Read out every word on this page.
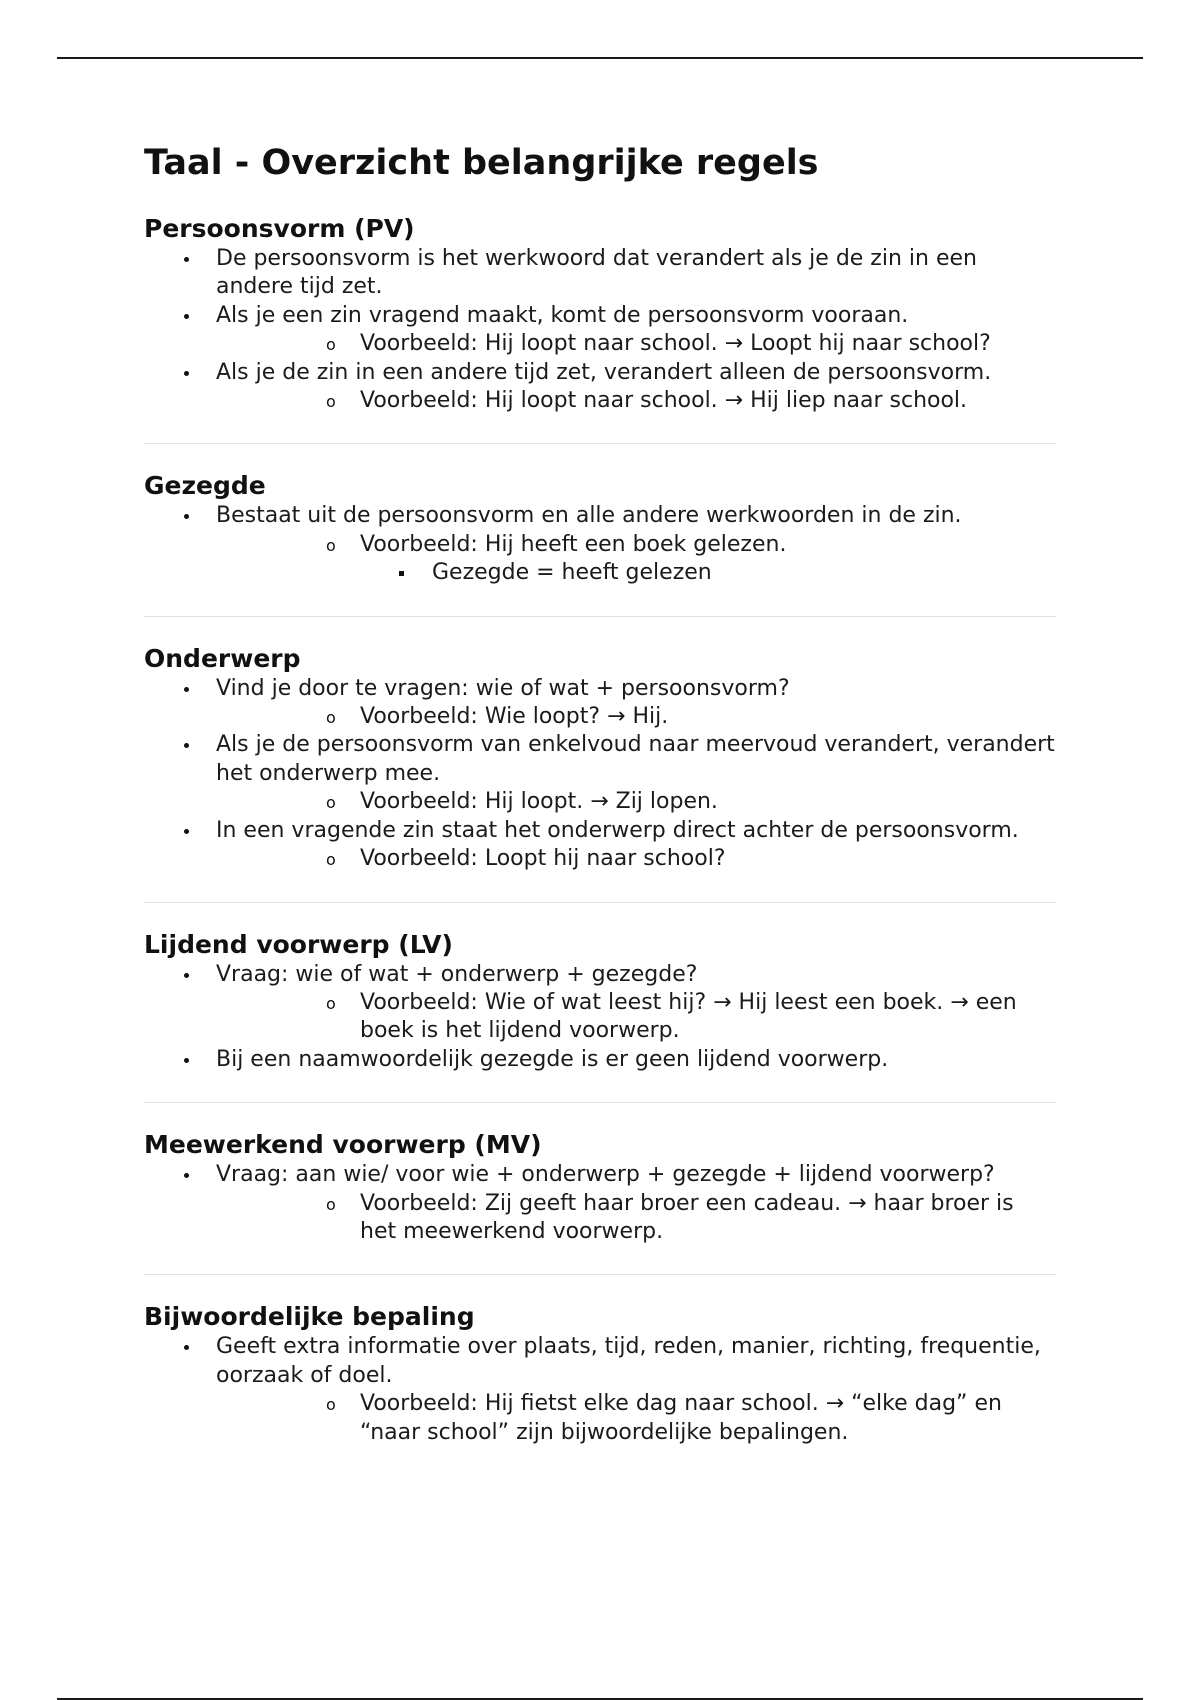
Taal - Overzicht belangrijke regels
Persoonsvorm (PV)
De persoonsvorm is het werkwoord dat verandert als je de zin in een andere tijd zet.
Als je een zin vragend maakt, komt de persoonsvorm vooraan.
o Voorbeeld: Hij loopt naar school. → Loopt hij naar school?
Als je de zin in een andere tijd zet, verandert alleen de persoonsvorm.
o Voorbeeld: Hij loopt naar school. → Hij liep naar school.
Gezegde
Bestaat uit de persoonsvorm en alle andere werkwoorden in de zin.
o Voorbeeld: Hij heeft een boek gelezen.
Gezegde = heeft gelezen
Onderwerp
Vind je door te vragen: wie of wat + persoonsvorm?
o Voorbeeld: Wie loopt? → Hij.
Als je de persoonsvorm van enkelvoud naar meervoud verandert, verandert het onderwerp mee.
o Voorbeeld: Hij loopt. → Zij lopen.
In een vragende zin staat het onderwerp direct achter de persoonsvorm.
o Voorbeeld: Loopt hij naar school?
Lijdend voorwerp (LV)
Vraag: wie of wat + onderwerp + gezegde?
o Voorbeeld: Wie of wat leest hij? → Hij leest een boek. → een boek is het lijdend voorwerp.
Bij een naamwoordelijk gezegde is er geen lijdend voorwerp.
Meewerkend voorwerp (MV)
Vraag: aan wie/ voor wie + onderwerp + gezegde + lijdend voorwerp?
o Voorbeeld: Zij geeft haar broer een cadeau. → haar broer is het meewerkend voorwerp.
Bijwoordelijke bepaling
Geeft extra informatie over plaats, tijd, reden, manier, richting, frequentie, oorzaak of doel.
o Voorbeeld: Hij fietst elke dag naar school. → “elke dag” en “naar school” zijn bijwoordelijke bepalingen.
